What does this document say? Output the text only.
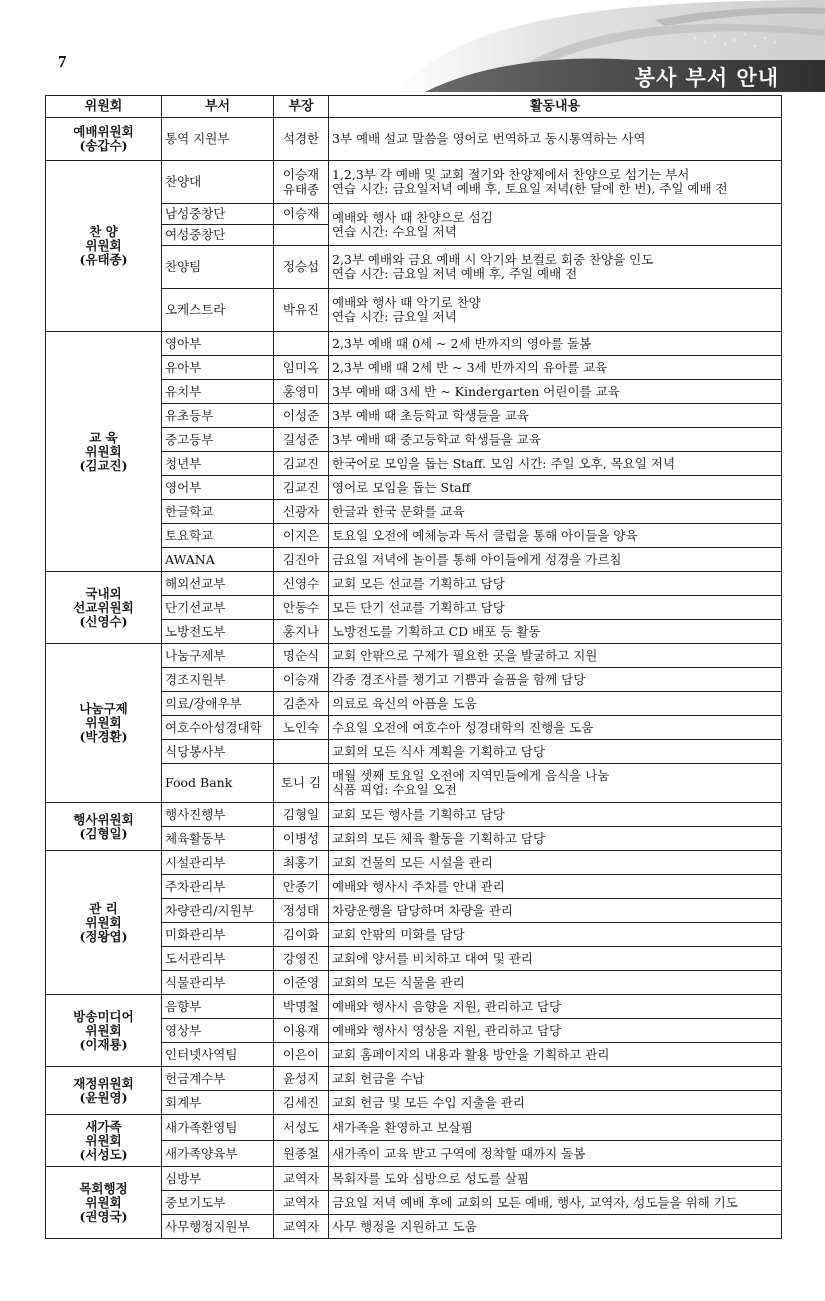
7
봉사 부서 안내
위원회	부서	부장	활동내용

예배위원회
(송갑수)	통역 지원부	석경한	3부 예배 설교 말씀을 영어로 번역하고 동시통역하는 사역

찬 양
위원회
(유태종)	찬양대	이승재 유태종	1,2,3부 각 예배 및 교회 절기와 찬양제에서 찬양으로 섬기는 부서
연습 시간: 금요일저녁 예배 후, 토요일 저녁(한 달에 한 번), 주일 예배 전

	남성중창단	이승재	예배와 행사 때 찬양으로 섬김
연습 시간: 수요일 저녁

	여성중창단		
	찬양팀	정승섭	2,3부 예배와 금요 예배 시 악기와 보컬로 회중 찬양을 인도
연습 시간: 금요일 저녁 예배 후, 주일 예배 전

	오케스트라	박유진	예배와 행사 때 악기로 찬양
연습 시간: 금요일 저녁

교 육
위원회
(김교진)	영아부		2,3부 예배 때 0세 ~ 2세 반까지의 영아를 돌봄

	유아부	임미옥	2,3부 예배 때 2세 반 ~ 3세 반까지의 유아를 교육

	유치부	홍영미	3부 예배 때 3세 반 ~ Kindergarten 어린이를 교육

	유초등부	이성준	3부 예배 때 초등학교 학생들을 교육

	중고등부	길성준	3부 예배 때 중고등학교 학생들을 교육

	청년부	김교진	한국어로 모임을 돕는 Staff. 모임 시간: 주일 오후, 목요일 저녁

	영어부	김교진	영어로 모임을 돕는 Staff

	한글학교	신광자	한글과 한국 문화를 교육

	토요학교	이지은	토요일 오전에 예체능과 독서 클럽을 통해 아이들을 양육

	AWANA	김진아	금요일 저녁에 놀이를 통해 아이들에게 성경을 가르침

국내외
선교위원회
(신영수)	해외선교부	신영수	교회 모든 선교를 기획하고 담당

	단기선교부	안동수	모든 단기 선교를 기획하고 담당

	노방전도부	홍지나	노방전도를 기획하고 CD 배포 등 활동

나눔구제
위원회
(박경환)	나눔구제부	명순식	교회 안팎으로 구제가 필요한 곳을 발굴하고 지원

	경조지원부	이승재	각종 경조사를 챙기고 기쁨과 슬픔을 함께 담당

	의료/장애우부	김춘자	의료로 육신의 아픔을 도움

	여호수아성경대학	노인숙	수요일 오전에 여호수아 성경대학의 진행을 도움

	식당봉사부		교회의 모든 식사 계획을 기획하고 담당

	Food Bank	토니 김	매월 셋째 토요일 오전에 지역민들에게 음식을 나눔
식품 픽업: 수요일 오전

행사위원회
(김형일)	행사진행부	김형일	교회 모든 행사를 기획하고 담당

	체육활동부	이병성	교회의 모든 체육 활동을 기획하고 담당

관 리
위원회
(정왕엽)	시설관리부	최홍기	교회 건물의 모든 시설을 관리

	주차관리부	안종기	예배와 행사시 주차를 안내 관리

	차량관리/지원부	정성태	차량운행을 담당하며 차량을 관리

	미화관리부	김이화	교회 안팎의 미화를 담당

	도서관리부	강영진	교회에 양서를 비치하고 대여 및 관리

	식물관리부	이준영	교회의 모든 식물을 관리

방송미디어
위원회
(이재룡)	음향부	박명철	예배와 행사시 음향을 지원, 관리하고 담당

	영상부	이용재	예배와 행사시 영상을 지원, 관리하고 담당

	인터넷사역팀	이은이	교회 홈페이지의 내용과 활용 방안을 기획하고 관리

재정위원회
(윤원영)	헌금계수부	윤성지	교회 헌금을 수납

	회계부	김세진	교회 헌금 및 모든 수입 지출을 관리

새가족
위원회
(서성도)	새가족환영팀	서성도	새가족을 환영하고 보살핌

	새가족양육부	원종철	새가족이 교육 받고 구역에 정착할 때까지 돌봄

목회행정
위원회
(권영국)	심방부	교역자	목회자를 도와 심방으로 성도를 살핌

	중보기도부	교역자	금요일 저녁 예배 후에 교회의 모든 예배, 행사, 교역자, 성도들을 위해 기도

	사무행정지원부	교역자	사무 행정을 지원하고 도움
